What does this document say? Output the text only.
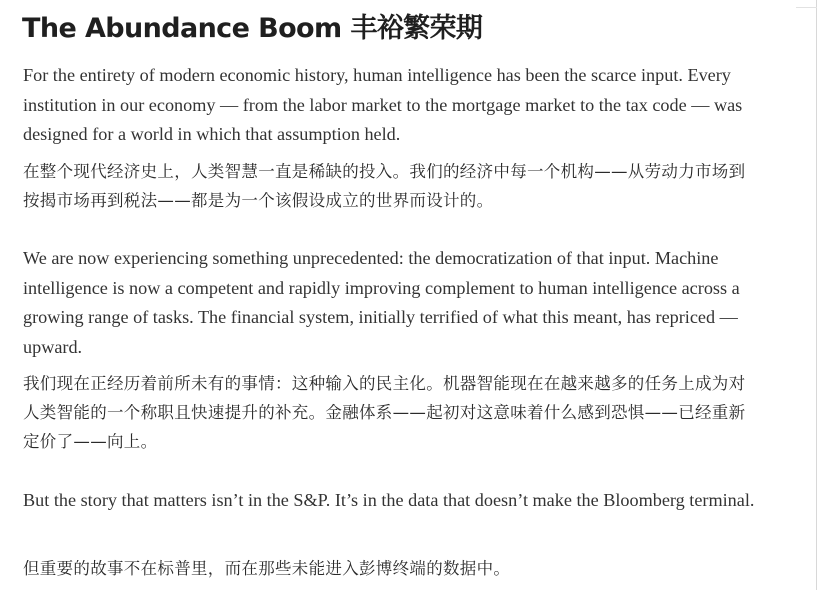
The Abundance Boom 丰裕繁荣期

For the entirety of modern economic history, human intelligence has been the scarce input. Every institution in our economy — from the labor market to the mortgage market to the tax code — was designed for a world in which that assumption held.

在整个现代经济史上，人类智慧一直是稀缺的投入。我们的经济中每一个机构——从劳动力市场到按揭市场再到税法——都是为一个该假设成立的世界而设计的。

We are now experiencing something unprecedented: the democratization of that input. Machine intelligence is now a competent and rapidly improving complement to human intelligence across a growing range of tasks. The financial system, initially terrified of what this meant, has repriced — upward.

我们现在正经历着前所未有的事情：这种输入的民主化。机器智能现在在越来越多的任务上成为对人类智能的一个称职且快速提升的补充。金融体系——起初对这意味着什么感到恐惧——已经重新定价了——向上。

But the story that matters isn’t in the S&P. It’s in the data that doesn’t make the Bloomberg terminal.

但重要的故事不在标普里，而在那些未能进入彭博终端的数据中。
